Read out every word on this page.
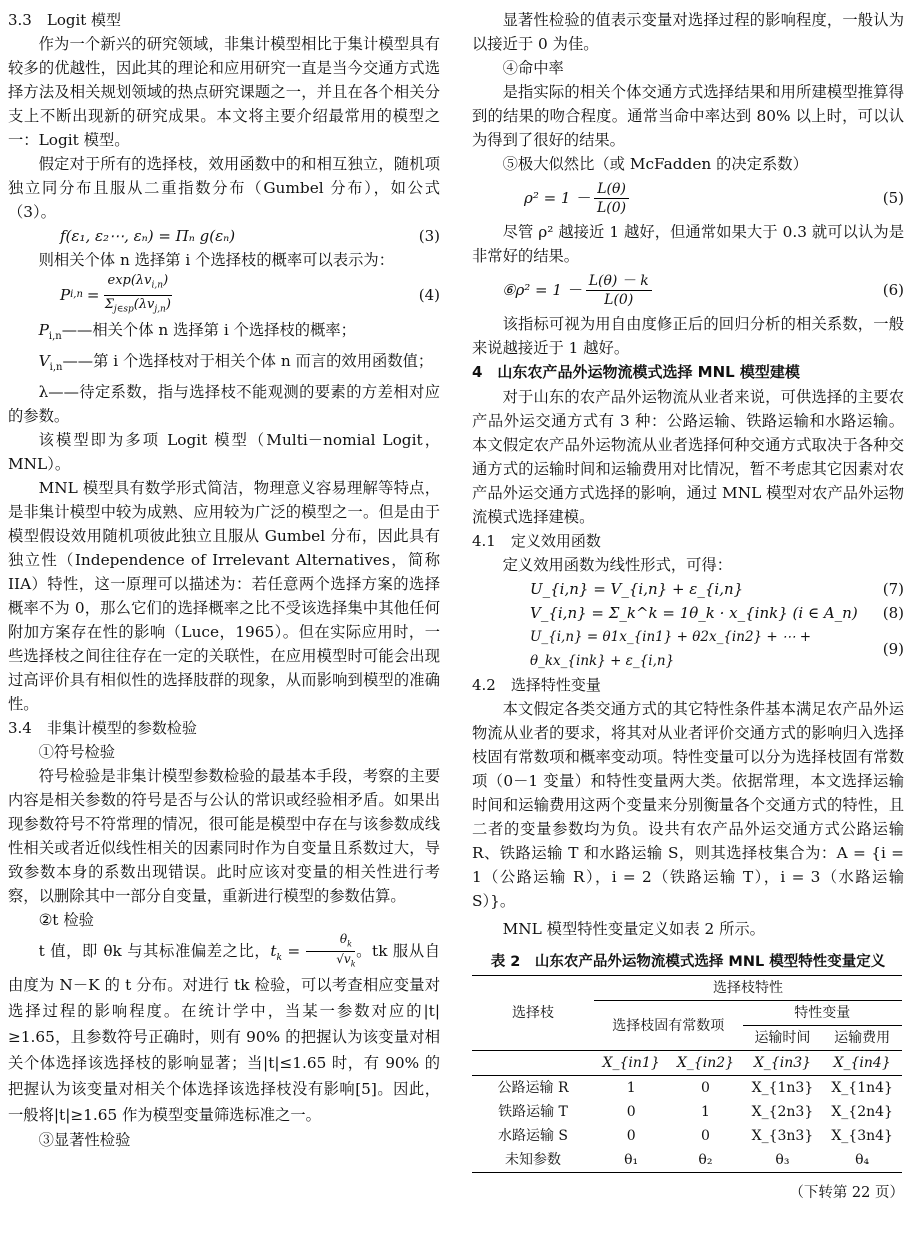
3.3　Logit 模型

作为一个新兴的研究领域，非集计模型相比于集计模型具有较多的优越性，因此其的理论和应用研究一直是当今交通方式选择方法及相关规划领域的热点研究课题之一，并且在各个相关分支上不断出现新的研究成果。本文将主要介绍最常用的模型之一：Logit 模型。

假定对于所有的选择枝，效用函数中的和相互独立，随机项独立同分布且服从二重指数分布（Gumbel 分布），如公式（3）。

f(ε₁, ε₂⋯, εₙ) = Πₙ g(εₙ)	(3)

则相关个体 n 选择第 i 个选择枝的概率可以表示为：

P i,n =
$\exp(\lambda v_{i,n})$
$\Sigma_{j\in sp}(\lambda v_{j,n})$	(4)

$P_{i,n}——$相关个体 n 选择第 i 个选择枝的概率；

$V_{i,n}——$第 i 个选择枝对于相关个体 n 而言的效用函数值；

λ——待定系数，指与选择枝不能观测的要素的方差相对应的参数。

该模型即为多项 Logit 模型（Multi－nomial Logit，MNL）。

MNL 模型具有数学形式简洁，物理意义容易理解等特点，是非集计模型中较为成熟、应用较为广泛的模型之一。但是由于模型假设效用随机项彼此独立且服从 Gumbel 分布，因此具有独立性（Independence of Irrelevant Alternatives，简称 IIA）特性，这一原理可以描述为：若任意两个选择方案的选择概率不为 0，那么它们的选择概率之比不受该选择集中其他任何附加方案存在性的影响（Luce，1965）。但在实际应用时，一些选择枝之间往往存在一定的关联性，在应用模型时可能会出现过高评价具有相似性的选择肢群的现象，从而影响到模型的准确性。

3.4　非集计模型的参数检验

①符号检验

符号检验是非集计模型参数检验的最基本手段，考察的主要内容是相关参数的符号是否与公认的常识或经验相矛盾。如果出现参数符号不符常理的情况，很可能是模型中存在与该参数成线性相关或者近似线性相关的因素同时作为自变量且系数过大，导致参数本身的系数出现错误。此时应该对变量的相关性进行考察，以删除其中一部分自变量，重新进行模型的参数估算。

②t 检验

t 值，即 θk 与其标准偏差之比，$t_k = \frac{\theta_k}{√v_k}$ 。tk 服从自由度为 N－K 的 t 分布。对进行 tk 检验，可以考查相应变量对选择过程的影响程度。在统计学中，当某一参数对应的|t|≥1.65，且参数符号正确时，则有 90% 的把握认为该变量对相关个体选择该选择枝的影响显著；当|t|≤1.65 时，有 90% 的把握认为该变量对相关个体选择该选择枝没有影响[5]。因此，一般将|t|≥1.65 作为模型变量筛选标准之一。

③显著性检验

显著性检验的值表示变量对选择过程的影响程度，一般认为以接近于 0 为佳。

④命中率

是指实际的相关个体交通方式选择结果和用所建模型推算得到的结果的吻合程度。通常当命中率达到 80% 以上时，可以认为得到了很好的结果。

⑤极大似然比（或 McFadden 的决定系数）

ρ² = 1 －
L(θ)
L(0)
(5)

尽管 ρ² 越接近 1 越好，但通常如果大于 0.3 就可以认为是非常好的结果。

⑥ρ² = 1 －
L(θ) － k
L(0)
(6)

该指标可视为用自由度修正后的回归分析的相关系数，一般来说越接近于 1 越好。

4　山东农产品外运物流模式选择 MNL 模型建模

对于山东的农产品外运物流从业者来说，可供选择的主要农产品外运交通方式有 3 种：公路运输、铁路运输和水路运输。本文假定农产品外运物流从业者选择何种交通方式取决于各种交通方式的运输时间和运输费用对比情况，暂不考虑其它因素对农产品外运交通方式选择的影响，通过 MNL 模型对农产品外运物流模式选择建模。

4.1　定义效用函数

定义效用函数为线性形式，可得：

U_{i,n} = V_{i,n} + ε_{i,n}	(7)
V_{i,n} = Σ_k^k = 1θ_k · x_{ink} (i ∈ A_n) (8)
U_{i,n} = θ1x_{in1} + θ2x_{in2} + ⋯ + θ_kx_{ink} + ε_{i,n}
(9)

4.2　选择特性变量

本文假定各类交通方式的其它特性条件基本满足农产品外运物流从业者的要求，将其对从业者评价交通方式的影响归入选择枝固有常数项和概率变动项。特性变量可以分为选择枝固有常数项（0－1 变量）和特性变量两大类。依据常理，本文选择运输时间和运输费用这两个变量来分别衡量各个交通方式的特性，且二者的变量参数均为负。设共有农产品外运交通方式公路运输 R、铁路运输 T 和水路运输 S，则其选择枝集合为：A = {i = 1（公路运输 R），i = 2（铁路运输 T），i = 3（水路运输 S）}。

MNL 模型特性变量定义如表 2 所示。

表 2　山东农产品外运物流模式选择 MNL 模型特性变量定义
选择枝	选择枝特性			
	选择枝固有常数项		特性变量	
			运输时间	运输费用
	X_{in1}	X_{in2}	X_{in3}	X_{in4}
公路运输 R	1	0	X_{1n3}	X_{1n4}
铁路运输 T	0	1	X_{2n3}	X_{2n4}
水路运输 S	0	0	X_{3n3}	X_{3n4}
未知参数	θ₁	θ₂	θ₃	θ₄
（下转第 22 页）
